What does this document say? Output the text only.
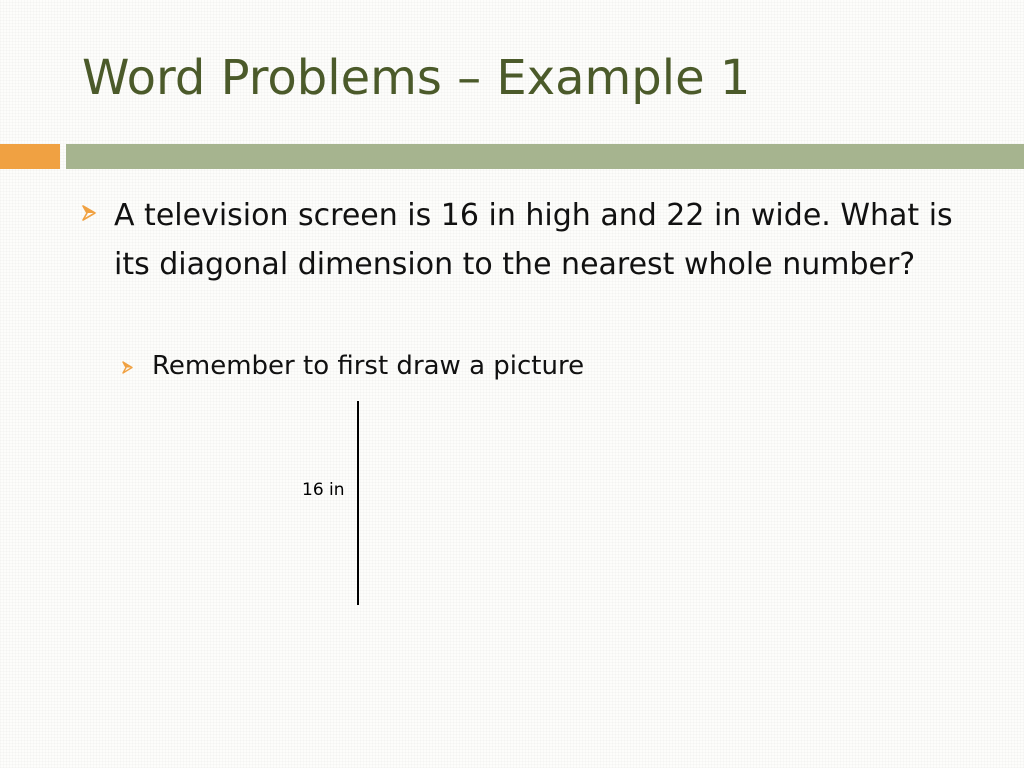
Word Problems – Example 1
A television screen is 16 in high and 22 in wide. What is its diagonal dimension to the nearest whole number?
Remember to first draw a picture
16 in
